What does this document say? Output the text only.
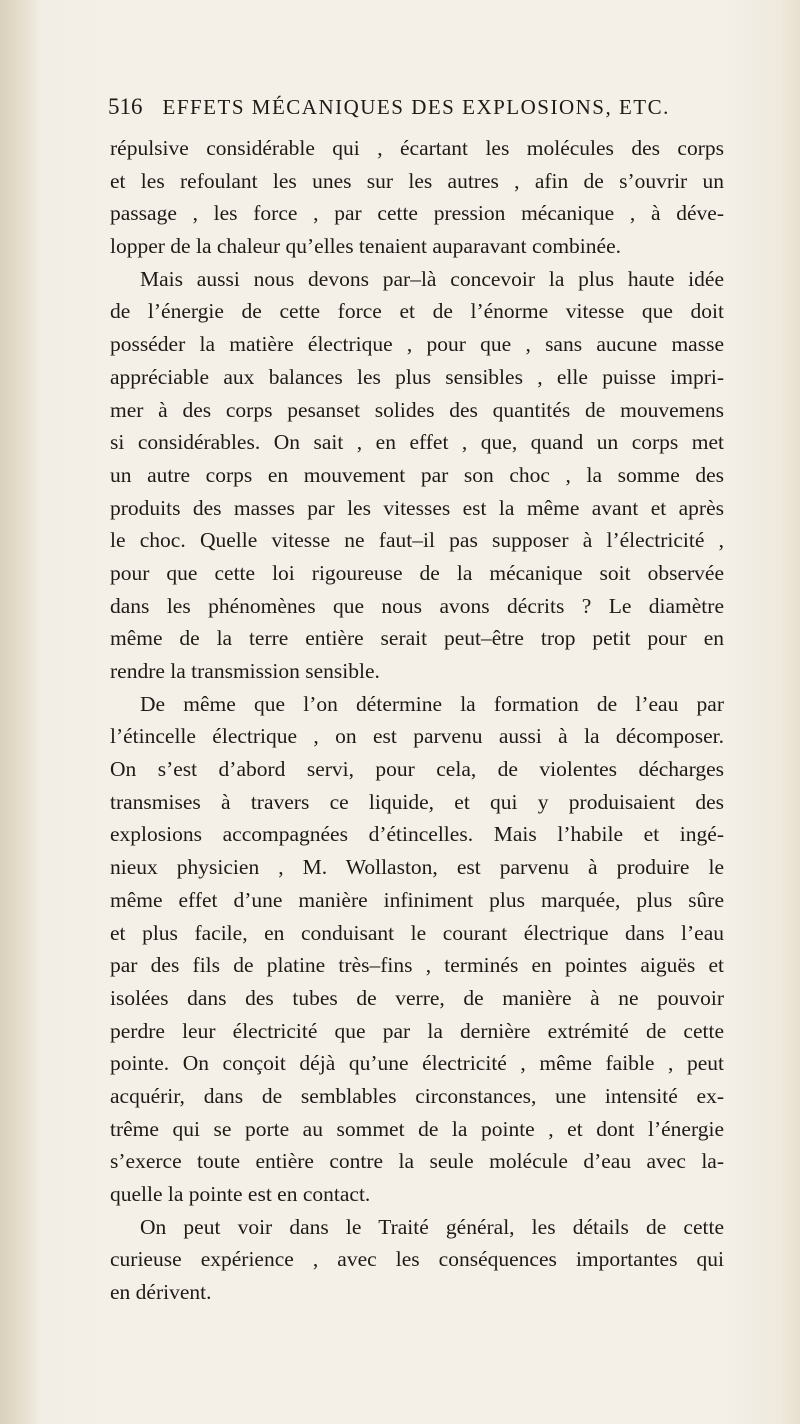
516 EFFETS MÉCANIQUES DES EXPLOSIONS, ETC.
répulsive considérable qui , écartant les molécules des corps
et les refoulant les unes sur les autres , afin de s’ouvrir un
passage , les force , par cette pression mécanique , à déve-
lopper de la chaleur qu’elles tenaient auparavant combinée.
Mais aussi nous devons par–là concevoir la plus haute idée
de l’énergie de cette force et de l’énorme vitesse que doit
posséder la matière électrique , pour que , sans aucune masse
appréciable aux balances les plus sensibles , elle puisse impri-
mer à des corps pesanset solides des quantités de mouvemens
si considérables. On sait , en effet , que, quand un corps met
un autre corps en mouvement par son choc , la somme des
produits des masses par les vitesses est la même avant et après
le choc. Quelle vitesse ne faut–il pas supposer à l’électricité ,
pour que cette loi rigoureuse de la mécanique soit observée
dans les phénomènes que nous avons décrits ? Le diamètre
même de la terre entière serait peut–être trop petit pour en
rendre la transmission sensible.
De même que l’on détermine la formation de l’eau par
l’étincelle électrique , on est parvenu aussi à la décomposer.
On s’est d’abord servi, pour cela, de violentes décharges
transmises à travers ce liquide, et qui y produisaient des
explosions accompagnées d’étincelles. Mais l’habile et ingé-
nieux physicien , M. Wollaston, est parvenu à produire le
même effet d’une manière infiniment plus marquée, plus sûre
et plus facile, en conduisant le courant électrique dans l’eau
par des fils de platine très–fins , terminés en pointes aiguës et
isolées dans des tubes de verre, de manière à ne pouvoir
perdre leur électricité que par la dernière extrémité de cette
pointe. On conçoit déjà qu’une électricité , même faible , peut
acquérir, dans de semblables circonstances, une intensité ex-
trême qui se porte au sommet de la pointe , et dont l’énergie
s’exerce toute entière contre la seule molécule d’eau avec la-
quelle la pointe est en contact.
On peut voir dans le Traité général, les détails de cette
curieuse expérience , avec les conséquences importantes qui
en dérivent.
